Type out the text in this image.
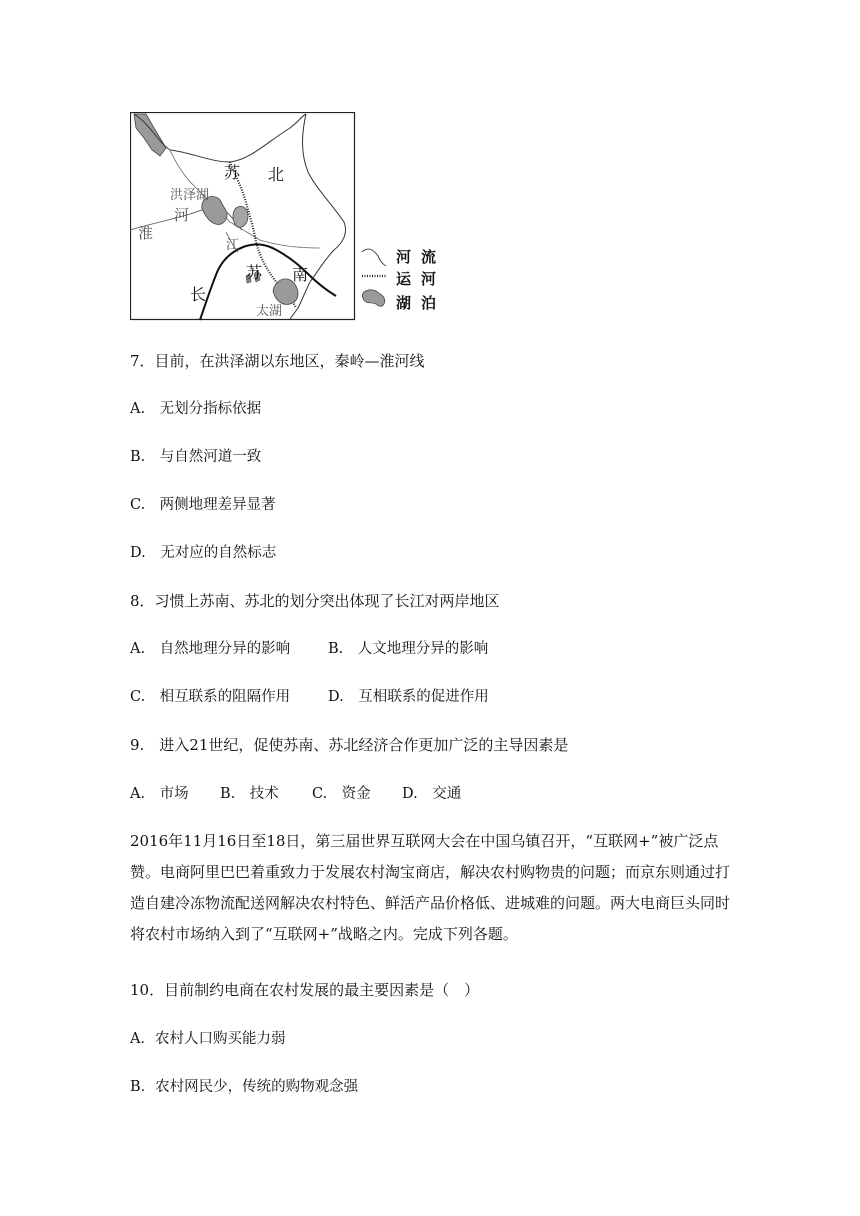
苏 北
洪泽湖
河
淮
江
苏 南
长
太湖
河流
运河
湖泊
7．目前，在洪泽湖以东地区，秦岭—淮河线
A.　无划分指标依据
B.　与自然河道一致
C.　两侧地理差异显著
D.　无对应的自然标志
8．习惯上苏南、苏北的划分突出体现了长江对两岸地区
A.　自然地理分异的影响	B.　人文地理分异的影响
C.　相互联系的阻隔作用	D.　互相联系的促进作用
9.　进入21世纪，促使苏南、苏北经济合作更加广泛的主导因素是
A.　市场 B.　技术 C.　资金 D.　交通
2016年11月16日至18日，第三届世界互联网大会在中国乌镇召开，“互联网+”被广泛点
赞。电商阿里巴巴着重致力于发展农村淘宝商店，解决农村购物贵的问题；而京东则通过打
造自建冷冻物流配送网解决农村特色、鲜活产品价格低、进城难的问题。两大电商巨头同时
将农村市场纳入到了“互联网+”战略之内。完成下列各题。
10．目前制约电商在农村发展的最主要因素是（　）
A．农村人口购买能力弱
B．农村网民少，传统的购物观念强
